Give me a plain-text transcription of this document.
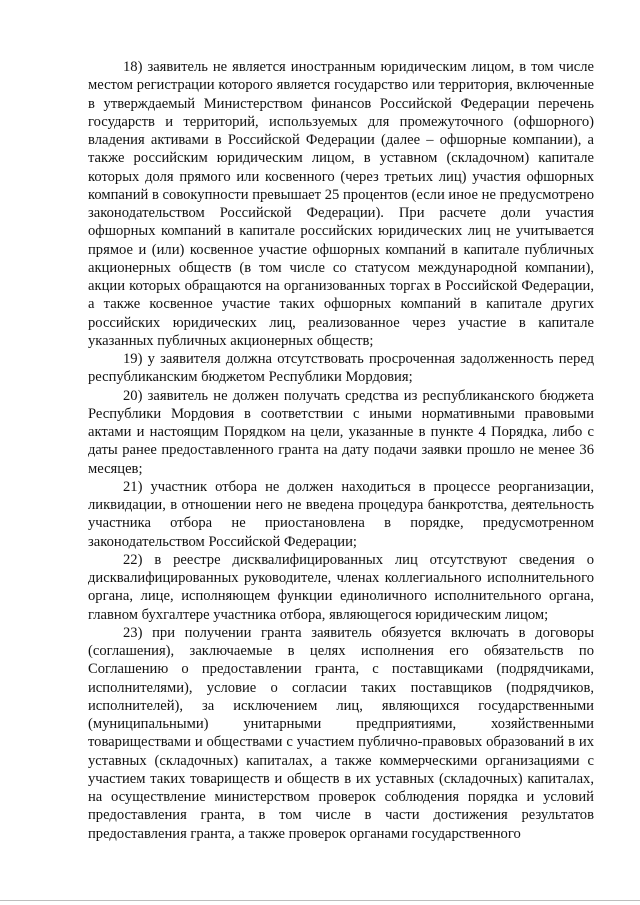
18) заявитель не является иностранным юридическим лицом, в том числе местом регистрации которого является государство или территория, включенные в утверждаемый Министерством финансов Российской Федерации перечень государств и территорий, используемых для промежуточного (офшорного) владения активами в Российской Федерации (далее – офшорные компании), а также российским юридическим лицом, в уставном (складочном) капитале которых доля прямого или косвенного (через третьих лиц) участия офшорных компаний в совокупности превышает 25 процентов (если иное не предусмотрено законодательством Российской Федерации). При расчете доли участия офшорных компаний в капитале российских юридических лиц не учитывается прямое и (или) косвенное участие офшорных компаний в капитале публичных акционерных обществ (в том числе со статусом международной компании), акции которых обращаются на организованных торгах в Российской Федерации, а также косвенное участие таких офшорных компаний в капитале других российских юридических лиц, реализованное через участие в капитале указанных публичных акционерных обществ;

19) у заявителя должна отсутствовать просроченная задолженность перед республиканским бюджетом Республики Мордовия;

20) заявитель не должен получать средства из республиканского бюджета Республики Мордовия в соответствии с иными нормативными правовыми актами и настоящим Порядком на цели, указанные в пункте 4 Порядка, либо с даты ранее предоставленного гранта на дату подачи заявки прошло не менее 36 месяцев;

21) участник отбора не должен находиться в процессе реорганизации, ликвидации, в отношении него не введена процедура банкротства, деятельность участника отбора не приостановлена в порядке, предусмотренном законодательством Российской Федерации;

22) в реестре дисквалифицированных лиц отсутствуют сведения о дисквалифицированных руководителе, членах коллегиального исполнительного органа, лице, исполняющем функции единоличного исполнительного органа, главном бухгалтере участника отбора, являющегося юридическим лицом;

23) при получении гранта заявитель обязуется включать в договоры (соглашения), заключаемые в целях исполнения его обязательств по Соглашению о предоставлении гранта, с поставщиками (подрядчиками, исполнителями), условие о согласии таких поставщиков (подрядчиков, исполнителей), за исключением лиц, являющихся государственными (муниципальными) унитарными предприятиями, хозяйственными товариществами и обществами с участием публично-правовых образований в их уставных (складочных) капиталах, а также коммерческими организациями с участием таких товариществ и обществ в их уставных (складочных) капиталах, на осуществление министерством проверок соблюдения порядка и условий предоставления гранта, в том числе в части достижения результатов предоставления гранта, а также проверок органами государственного
